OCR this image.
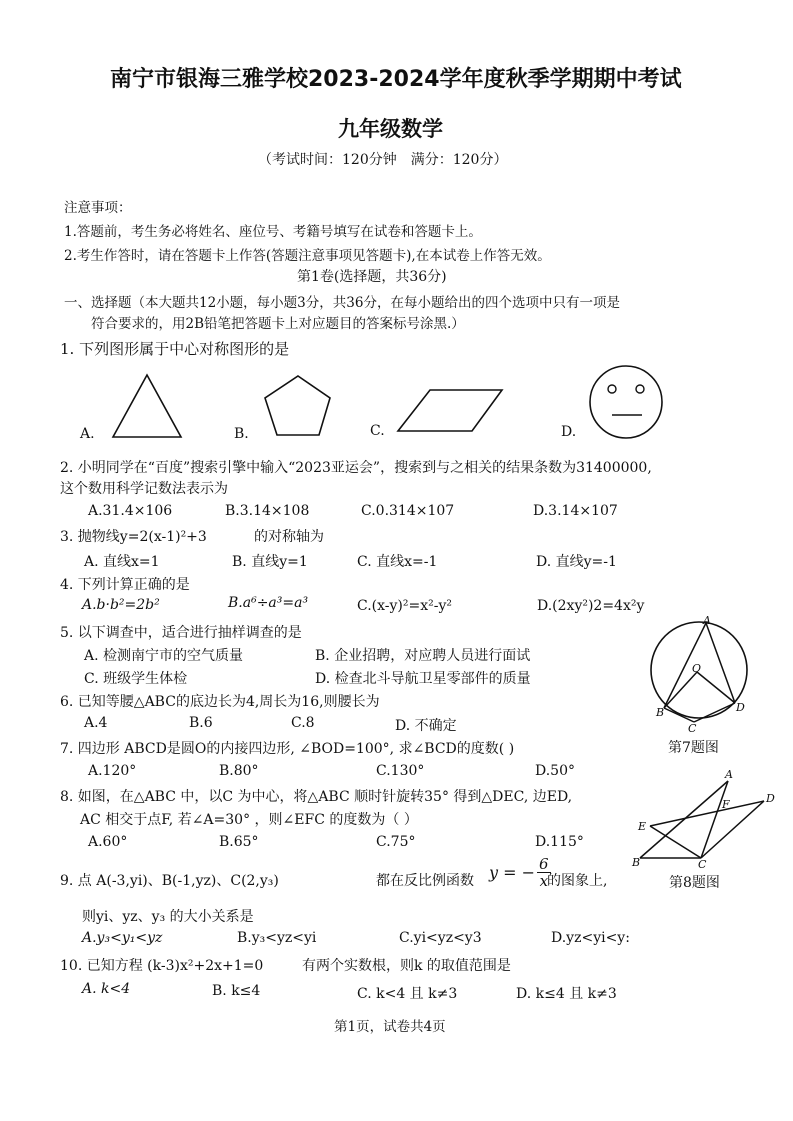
南宁市银海三雅学校2023-2024学年度秋季学期期中考试
九年级数学
（考试时间：120分钟　满分：120分）
注意事项：
1.答题前，考生务必将姓名、座位号、考籍号填写在试卷和答题卡上。
2.考生作答时，请在答题卡上作答(答题注意事项见答题卡),在本试卷上作答无效。
第1卷(选择题，共36分)
一、选择题（本大题共12小题，每小题3分，共36分，在每小题给出的四个选项中只有一项是
符合要求的，用2B铅笔把答题卡上对应题目的答案标号涂黑.）
1. 下列图形属于中心对称图形的是
A.	B.	C.	D.
2. 小明同学在“百度”搜索引擎中输入“2023亚运会”，搜索到与之相关的结果条数为31400000,
这个数用科学记数法表示为
A.31.4×106	B.3.14×108	C.0.314×107	D.3.14×107
3. 抛物线y=2(x-1)²+3	的对称轴为
A. 直线x=1	B. 直线y=1	C. 直线x=-1	D. 直线y=-1
4. 下列计算正确的是
A.b·b²=2b²	B.a⁶÷a³=a³	C.(x-y)²=x²-y²	D.(2xy²)2=4x²y
5. 以下调查中，适合进行抽样调查的是
A. 检测南宁市的空气质量	B. 企业招聘，对应聘人员进行面试
C. 班级学生体检	D. 检查北斗导航卫星零部件的质量
6. 已知等腰△ABC的底边长为4,周长为16,则腰长为
A.4	B.6	C.8	D. 不确定
A
O
B
C
D
第7题图
7. 四边形 ABCD是圆O的内接四边形, ∠BOD=100°, 求∠BCD的度数( )
A.120°	B.80°	C.130°	D.50°	A
D
F
E
B	C
第8题图
8. 如图，在△ABC 中，以C 为中心，将△ABC 顺时针旋转35° 得到△DEC, 边ED,
AC 相交于点F, 若∠A=30° ，则∠EFC 的度数为（ ）
A.60°	B.65°	C.75°	D.115°
9. 点 A(-3,yi)、B(-1,yz)、C(2,y₃)	都在反比例函数 y = − $\frac{6}{x}$
的图象上,
则yi、yz、y₃ 的大小关系是
A.y₃<y₁<yz	B.y₃<yz<yi	C.yi<yz<y3	D.yz<yi<y:
10. 已知方程 (k-3)x²+2x+1=0	有两个实数根，则k 的取值范围是
A. k<4	B. k≤4	C. k<4 且 k≠3	D. k≤4 且 k≠3
第1页，试卷共4页
